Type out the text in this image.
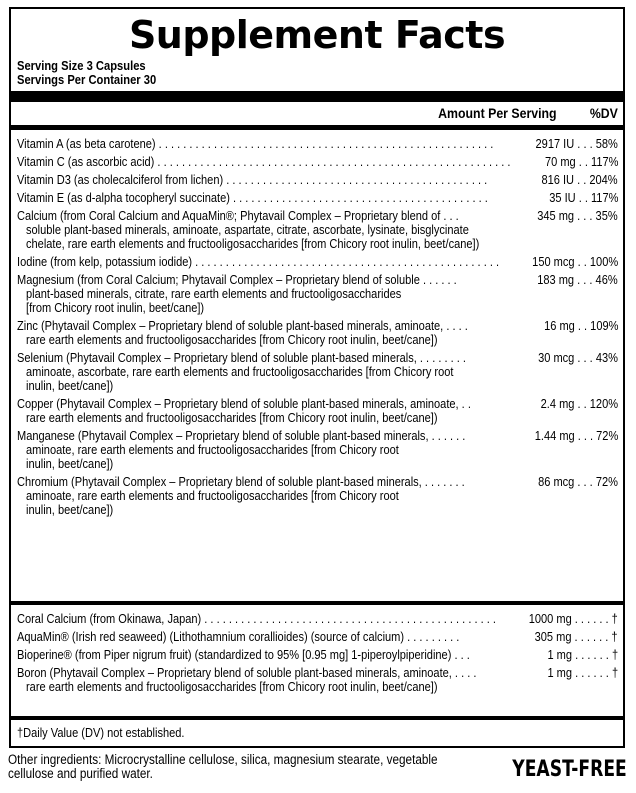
Supplement Facts
Serving Size 3 Capsules
Servings Per Container 30
Amount Per Serving %DV
Vitamin A (as beta carotene) . . . . . . . . . . . . . . . . . . . . . . . . . . . . . . . . . . . . . . . . . . . . . . . . . . . . . . .	2917 IU . . . 58%
Vitamin C (as ascorbic acid) . . . . . . . . . . . . . . . . . . . . . . . . . . . . . . . . . . . . . . . . . . . . . . . . . . . . . . . . . .	70 mg . . 117%
Vitamin D3 (as cholecalciferol from lichen) . . . . . . . . . . . . . . . . . . . . . . . . . . . . . . . . . . . . . . . . . . .	816 IU . . 204%
Vitamin E (as d-alpha tocopheryl succinate) . . . . . . . . . . . . . . . . . . . . . . . . . . . . . . . . . . . . . . . . . .	35 IU . . 117%
Calcium (from Coral Calcium and AquaMin®; Phytavail Complex – Proprietary blend of . . .	345 mg . . . 35%
soluble plant-based minerals, aminoate, aspartate, citrate, ascorbate, lysinate, bisglycinate
chelate, rare earth elements and fructooligosaccharides [from Chicory root inulin, beet/cane])
Iodine (from kelp, potassium iodide) . . . . . . . . . . . . . . . . . . . . . . . . . . . . . . . . . . . . . . . . . . . . . . . . . .	150 mcg . . 100%
Magnesium (from Coral Calcium; Phytavail Complex – Proprietary blend of soluble . . . . . .	183 mg . . . 46%
plant-based minerals, citrate, rare earth elements and fructooligosaccharides
[from Chicory root inulin, beet/cane])
Zinc (Phytavail Complex – Proprietary blend of soluble plant-based minerals, aminoate, . . . .	16 mg . . 109%
rare earth elements and fructooligosaccharides [from Chicory root inulin, beet/cane])
Selenium (Phytavail Complex – Proprietary blend of soluble plant-based minerals, . . . . . . . .	30 mcg . . . 43%
aminoate, ascorbate, rare earth elements and fructooligosaccharides [from Chicory root
inulin, beet/cane])
Copper (Phytavail Complex – Proprietary blend of soluble plant-based minerals, aminoate, . .	2.4 mg . . 120%
rare earth elements and fructooligosaccharides [from Chicory root inulin, beet/cane])
Manganese (Phytavail Complex – Proprietary blend of soluble plant-based minerals, . . . . . .	1.44 mg . . . 72%
aminoate, rare earth elements and fructooligosaccharides [from Chicory root
inulin, beet/cane])
Chromium (Phytavail Complex – Proprietary blend of soluble plant-based minerals, . . . . . . .	86 mcg . . . 72%
aminoate, rare earth elements and fructooligosaccharides [from Chicory root
inulin, beet/cane])
Coral Calcium (from Okinawa, Japan) . . . . . . . . . . . . . . . . . . . . . . . . . . . . . . . . . . . . . . . . . . . . . . . .	1000 mg . . . . . . †
AquaMin® (Irish red seaweed) (Lithothamnium corallioides) (source of calcium) . . . . . . . . .	305 mg . . . . . . †
Bioperine® (from Piper nigrum fruit) (standardized to 95% [0.95 mg] 1-piperoylpiperidine) . . .	1 mg . . . . . . †
Boron (Phytavail Complex – Proprietary blend of soluble plant-based minerals, aminoate, . . . .	1 mg . . . . . . †
rare earth elements and fructooligosaccharides [from Chicory root inulin, beet/cane])
†Daily Value (DV) not established.
Other ingredients: Microcrystalline cellulose, silica, magnesium stearate, vegetable
cellulose and purified water.	YEAST-FREE
